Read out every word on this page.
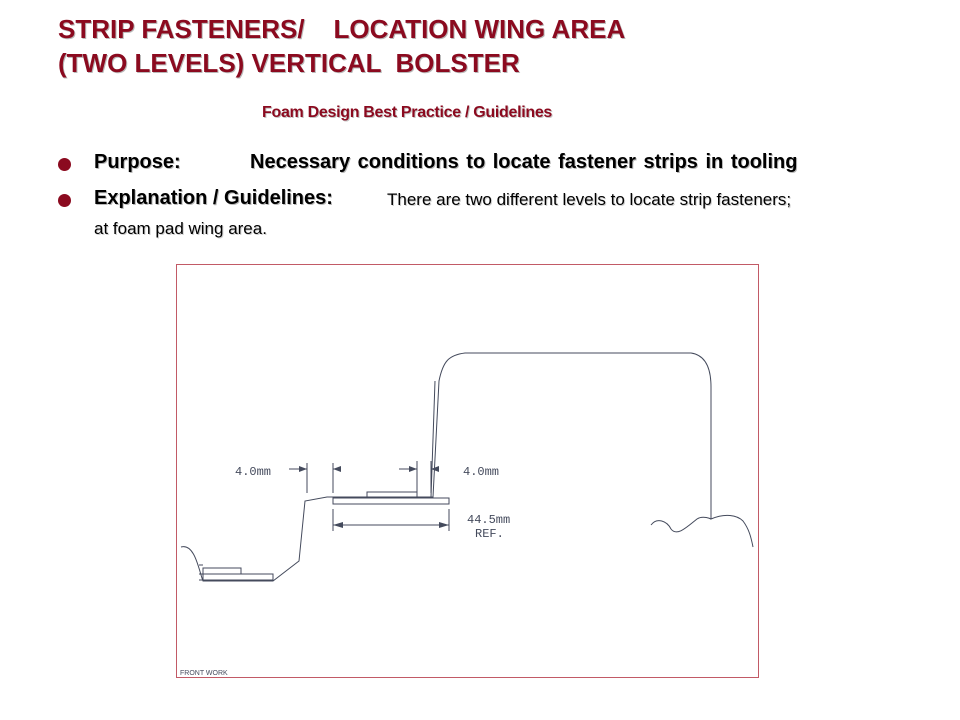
STRIP FASTENERS/    LOCATION WING AREA
(TWO LEVELS) VERTICAL  BOLSTER
Foam Design Best Practice / Guidelines
Purpose:	Necessary conditions to locate fastener strips in tooling
Explanation / Guidelines:	There are two different levels to locate strip fasteners;
at foam pad wing area.
4.0mm	4.0mm
44.5mm
REF.
FRONT WORK
